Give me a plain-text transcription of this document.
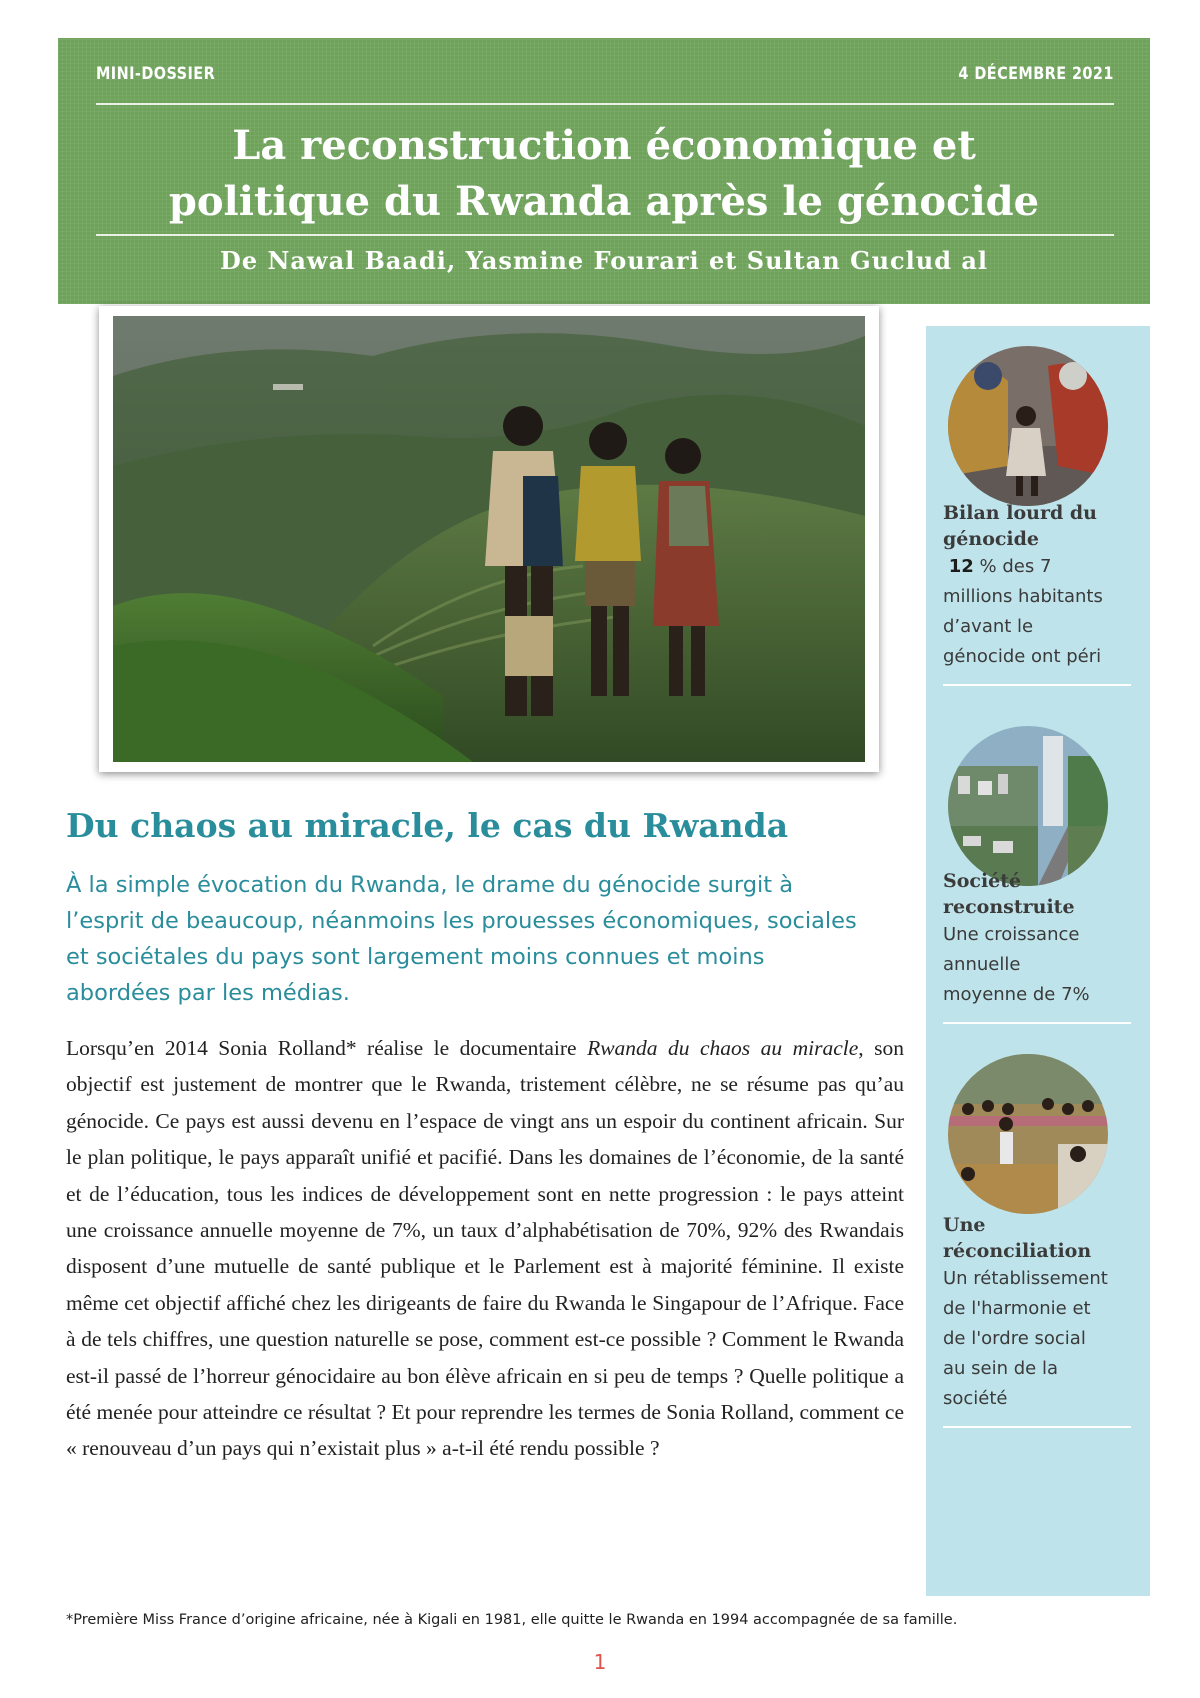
MINI-DOSSIER	4 DÉCEMBRE 2021
La reconstruction économique et
politique du Rwanda après le génocide
De Nawal Baadi, Yasmine Fourari et Sultan Guclud al
Bilan lourd du
génocide
12 % des 7
millions habitants
d’avant le
génocide ont péri
Société
reconstruite
Une croissance
annuelle
moyenne de 7%
Une
réconciliation
Un rétablissement
de l'harmonie et
de l'ordre social
au sein de la
société
Du chaos au miracle, le cas du Rwanda
À la simple évocation du Rwanda, le drame du génocide surgit à l’esprit de beaucoup, néanmoins les prouesses économiques, sociales et sociétales du pays sont largement moins connues et moins abordées par les médias.
Lorsqu’en 2014 Sonia Rolland* réalise le documentaire Rwanda du chaos au miracle, son objectif est justement de montrer que le Rwanda, tristement célèbre, ne se résume pas qu’au génocide. Ce pays est aussi devenu en l’espace de vingt ans un espoir du continent africain. Sur le plan politique, le pays apparaît unifié et pacifié. Dans les domaines de l’économie, de la santé et de l’éducation, tous les indices de développement sont en nette progression : le pays atteint une croissance annuelle moyenne de 7%, un taux d’alphabétisation de 70%, 92% des Rwandais disposent d’une mutuelle de santé publique et le Parlement est à majorité féminine. Il existe même cet objectif affiché chez les dirigeants de faire du Rwanda le Singapour de l’Afrique. Face à de tels chiffres, une question naturelle se pose, comment est-ce possible ? Comment le Rwanda est-il passé de l’horreur génocidaire au bon élève africain en si peu de temps ? Quelle politique a été menée pour atteindre ce résultat ? Et pour reprendre les termes de Sonia Rolland, comment ce « renouveau d’un pays qui n’existait plus » a-t-il été rendu possible ?
*Première Miss France d’origine africaine, née à Kigali en 1981, elle quitte le Rwanda en 1994 accompagnée de sa famille.
1
